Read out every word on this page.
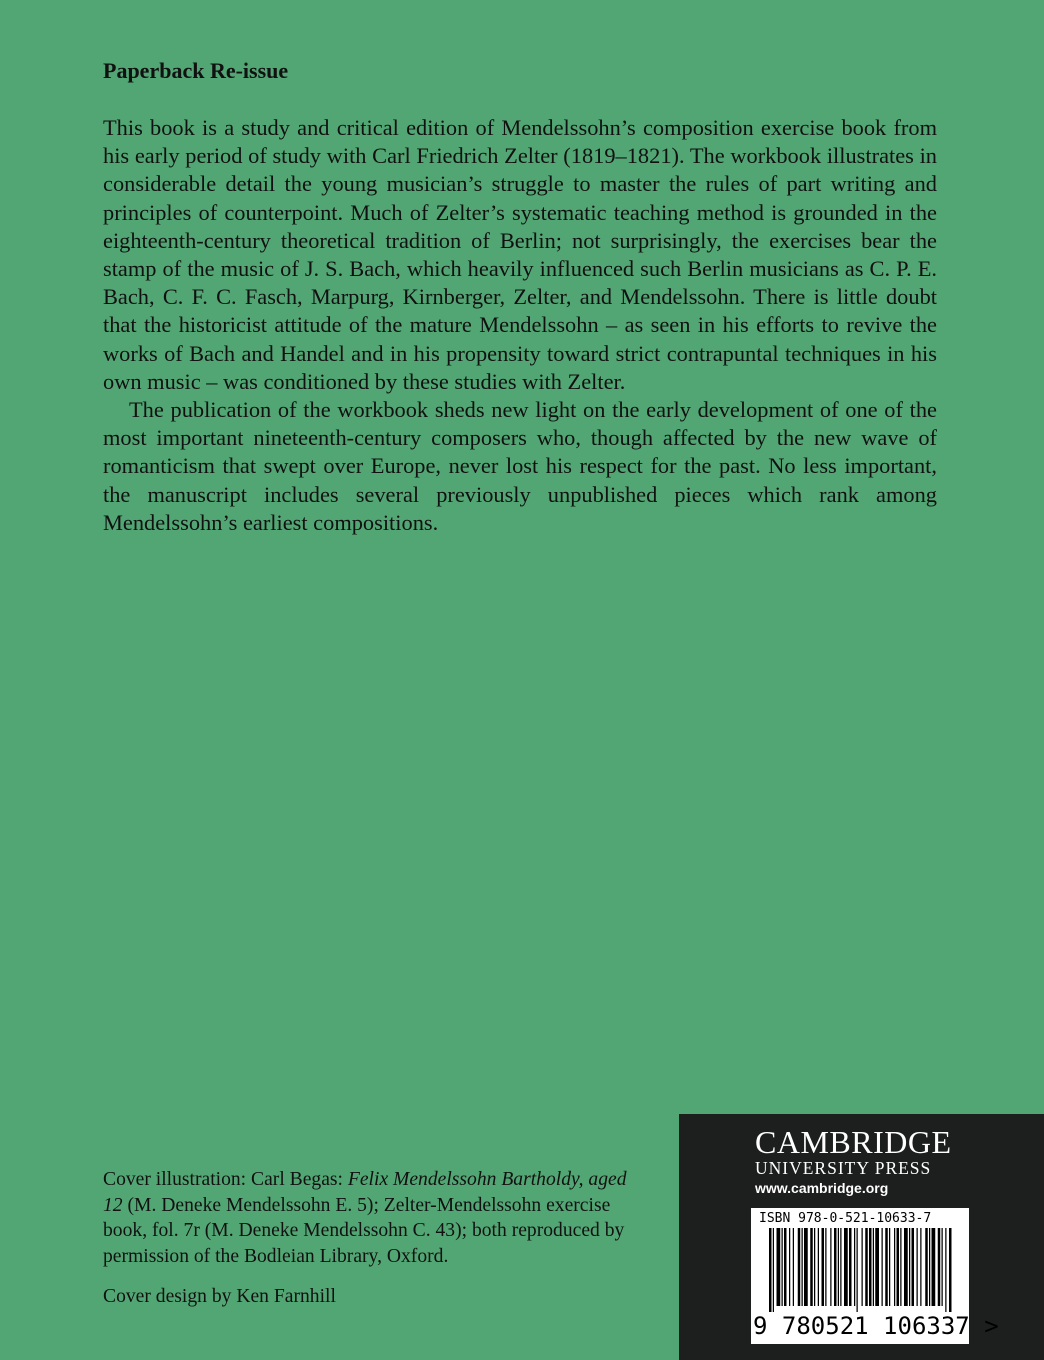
Paperback Re-issue

This book is a study and critical edition of Mendelssohn’s composition exercise book from his early period of study with Carl Friedrich Zelter (1819–1821). The workbook illustrates in considerable detail the young musician’s struggle to master the rules of part writing and principles of counterpoint. Much of Zelter’s systematic teaching method is grounded in the eighteenth-century theoretical tradition of Berlin; not surprisingly, the exercises bear the stamp of the music of J. S. Bach, which heavily influenced such Berlin musicians as C. P. E. Bach, C. F. C. Fasch, Marpurg, Kirnberger, Zelter, and Mendelssohn. There is little doubt that the historicist attitude of the mature Mendelssohn – as seen in his efforts to revive the works of Bach and Handel and in his propensity toward strict contrapuntal techniques in his own music – was conditioned by these studies with Zelter.

The publication of the workbook sheds new light on the early development of one of the most important nineteenth-century composers who, though affected by the new wave of romanticism that swept over Europe, never lost his respect for the past. No less important, the manuscript includes several previously unpublished pieces which rank among Mendelssohn’s earliest compositions.

Cover illustration: Carl Begas: Felix Mendelssohn Bartholdy, aged 12 (M. Deneke Mendelssohn E. 5); Zelter-Mendelssohn exercise book, fol. 7r (M. Deneke Mendelssohn C. 43); both reproduced by permission of the Bodleian Library, Oxford.

Cover design by Ken Farnhill

CAMBRIDGE
UNIVERSITY PRESS
www.cambridge.org
ISBN 978-0-521-10633-7
9 780521 106337 >
